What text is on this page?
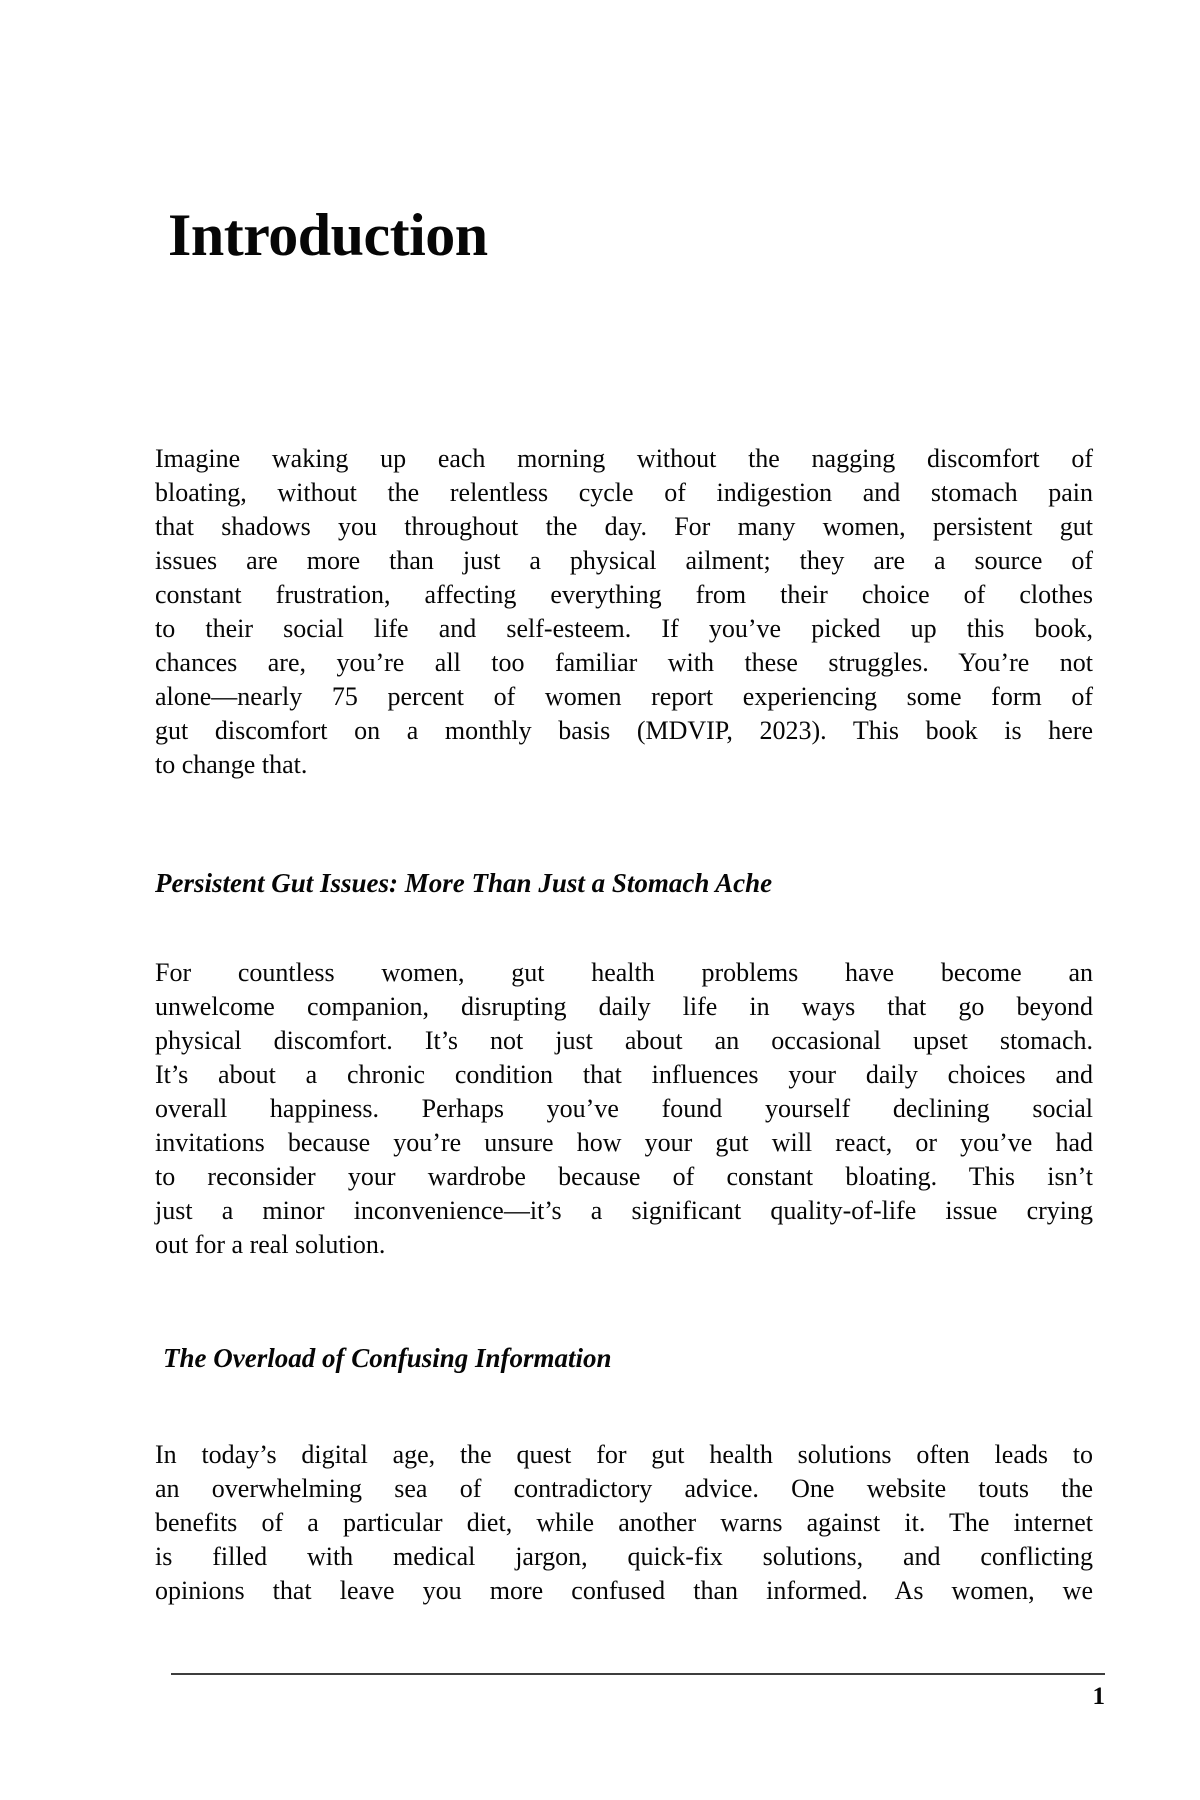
Introduction
Imagine waking up each morning without the nagging discomfort of
bloating, without the relentless cycle of indigestion and stomach pain
that shadows you throughout the day. For many women, persistent gut
issues are more than just a physical ailment; they are a source of
constant frustration, affecting everything from their choice of clothes
to their social life and self-esteem. If you’ve picked up this book,
chances are, you’re all too familiar with these struggles. You’re not
alone—nearly 75 percent of women report experiencing some form of
gut discomfort on a monthly basis (MDVIP, 2023). This book is here
to change that.
Persistent Gut Issues: More Than Just a Stomach Ache
For countless women, gut health problems have become an
unwelcome companion, disrupting daily life in ways that go beyond
physical discomfort. It’s not just about an occasional upset stomach.
It’s about a chronic condition that influences your daily choices and
overall happiness. Perhaps you’ve found yourself declining social
invitations because you’re unsure how your gut will react, or you’ve had
to reconsider your wardrobe because of constant bloating. This isn’t
just a minor inconvenience—it’s a significant quality-of-life issue crying
out for a real solution.
The Overload of Confusing Information
In today’s digital age, the quest for gut health solutions often leads to
an overwhelming sea of contradictory advice. One website touts the
benefits of a particular diet, while another warns against it. The internet
is filled with medical jargon, quick-fix solutions, and conflicting
opinions that leave you more confused than informed. As women, we
1
